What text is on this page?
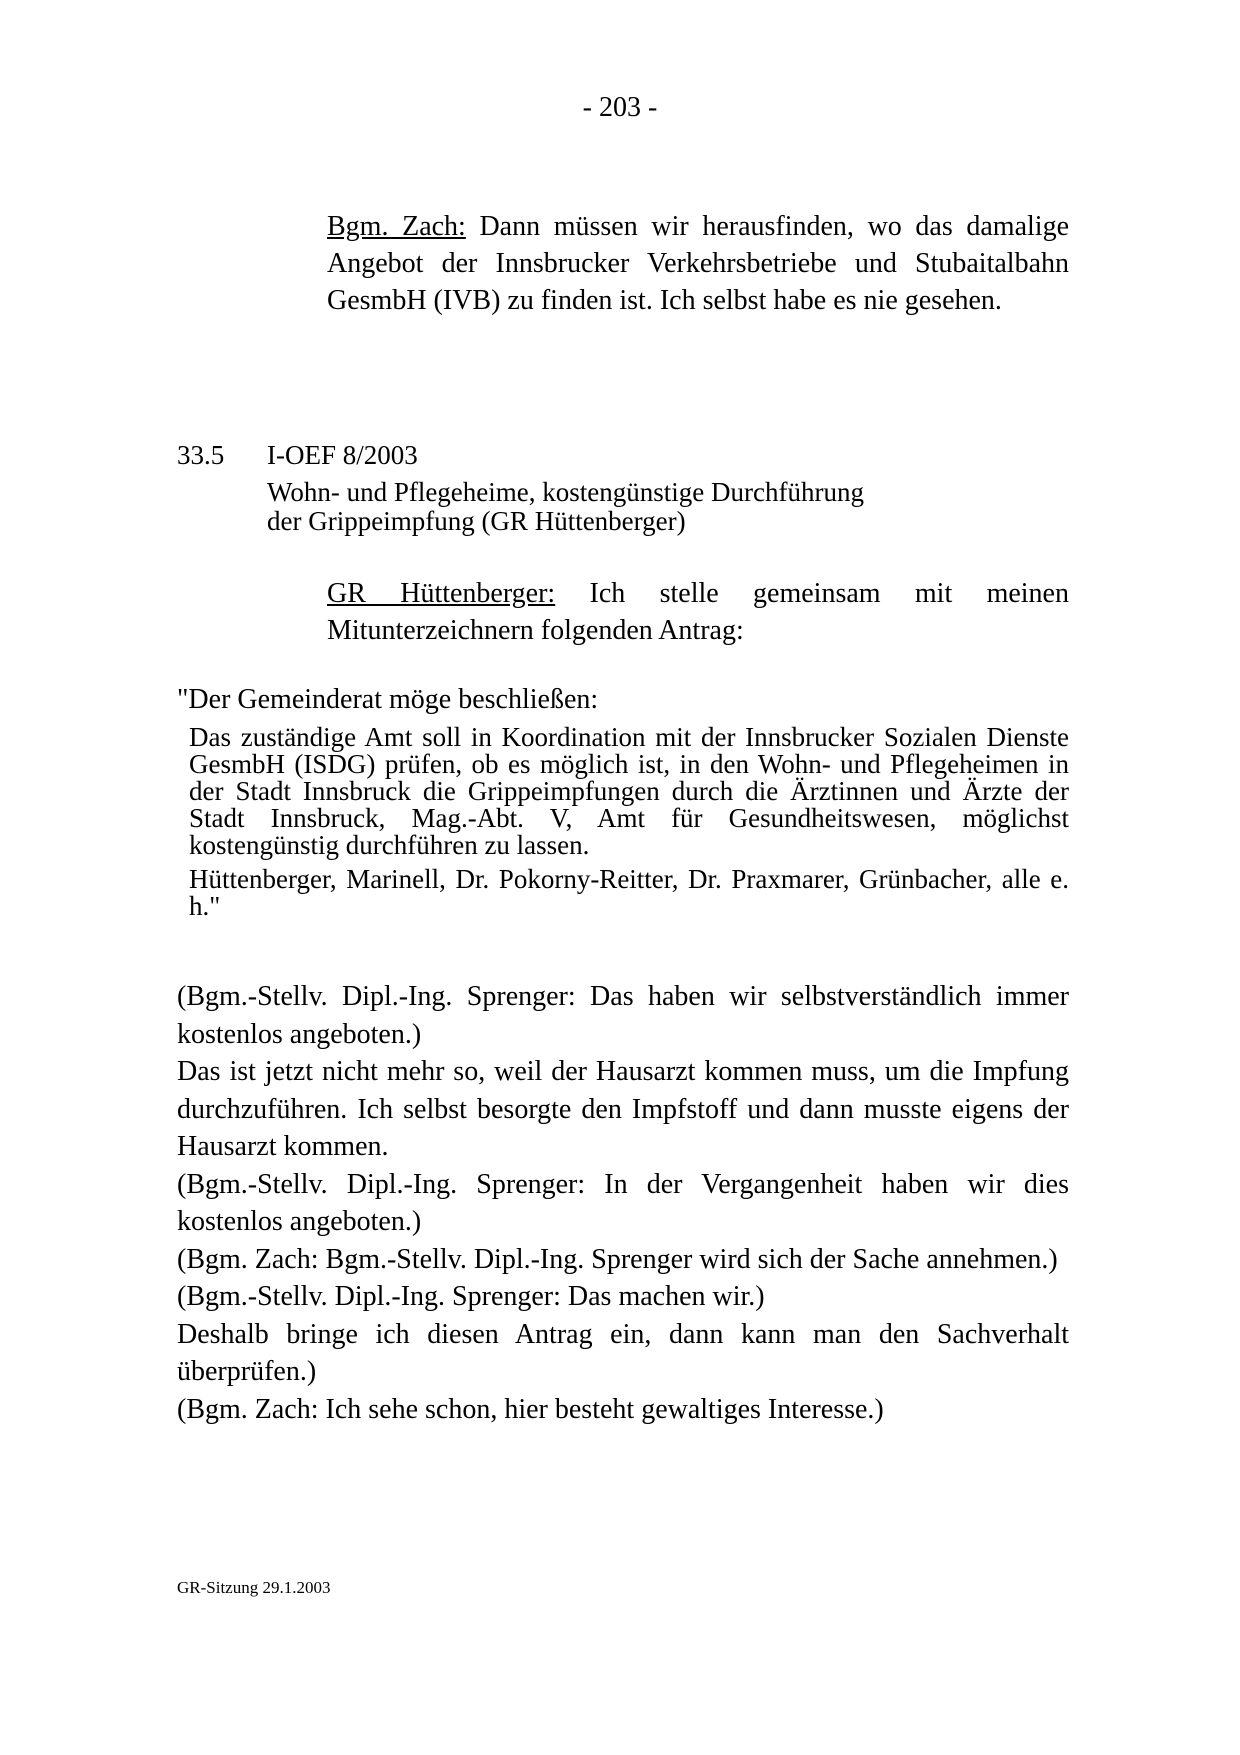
- 203 -

Bgm. Zach: Dann müssen wir herausfinden, wo das damalige Angebot der Innsbrucker Verkehrsbetriebe und Stubaitalbahn GesmbH (IVB) zu finden ist. Ich selbst habe es nie gesehen.

33.5 I-OEF 8/2003
Wohn- und Pflegeheime, kostengünstige Durchführung
der Grippeimpfung (GR Hüttenberger)

GR Hüttenberger: Ich stelle gemeinsam mit meinen Mitunterzeichnern folgenden Antrag:

"Der Gemeinderat möge beschließen:

Das zuständige Amt soll in Koordination mit der Innsbrucker Sozialen Dienste GesmbH (ISDG) prüfen, ob es möglich ist, in den Wohn- und Pflegeheimen in der Stadt Innsbruck die Grippeimpfungen durch die Ärztinnen und Ärzte der Stadt Innsbruck, Mag.-Abt. V, Amt für Gesundheitswesen, möglichst kostengünstig durchführen zu lassen.

Hüttenberger, Marinell, Dr. Pokorny-Reitter, Dr. Praxmarer, Grünbacher, alle e. h."

(Bgm.-Stellv. Dipl.-Ing. Sprenger: Das haben wir selbstverständlich immer kostenlos angeboten.)

Das ist jetzt nicht mehr so, weil der Hausarzt kommen muss, um die Impfung durchzuführen. Ich selbst besorgte den Impfstoff und dann musste eigens der Hausarzt kommen.

(Bgm.-Stellv. Dipl.-Ing. Sprenger: In der Vergangenheit haben wir dies kostenlos angeboten.)

(Bgm. Zach: Bgm.-Stellv. Dipl.-Ing. Sprenger wird sich der Sache annehmen.)

(Bgm.-Stellv. Dipl.-Ing. Sprenger: Das machen wir.)

Deshalb bringe ich diesen Antrag ein, dann kann man den Sachverhalt überprüfen.)

(Bgm. Zach: Ich sehe schon, hier besteht gewaltiges Interesse.)

GR-Sitzung 29.1.2003
